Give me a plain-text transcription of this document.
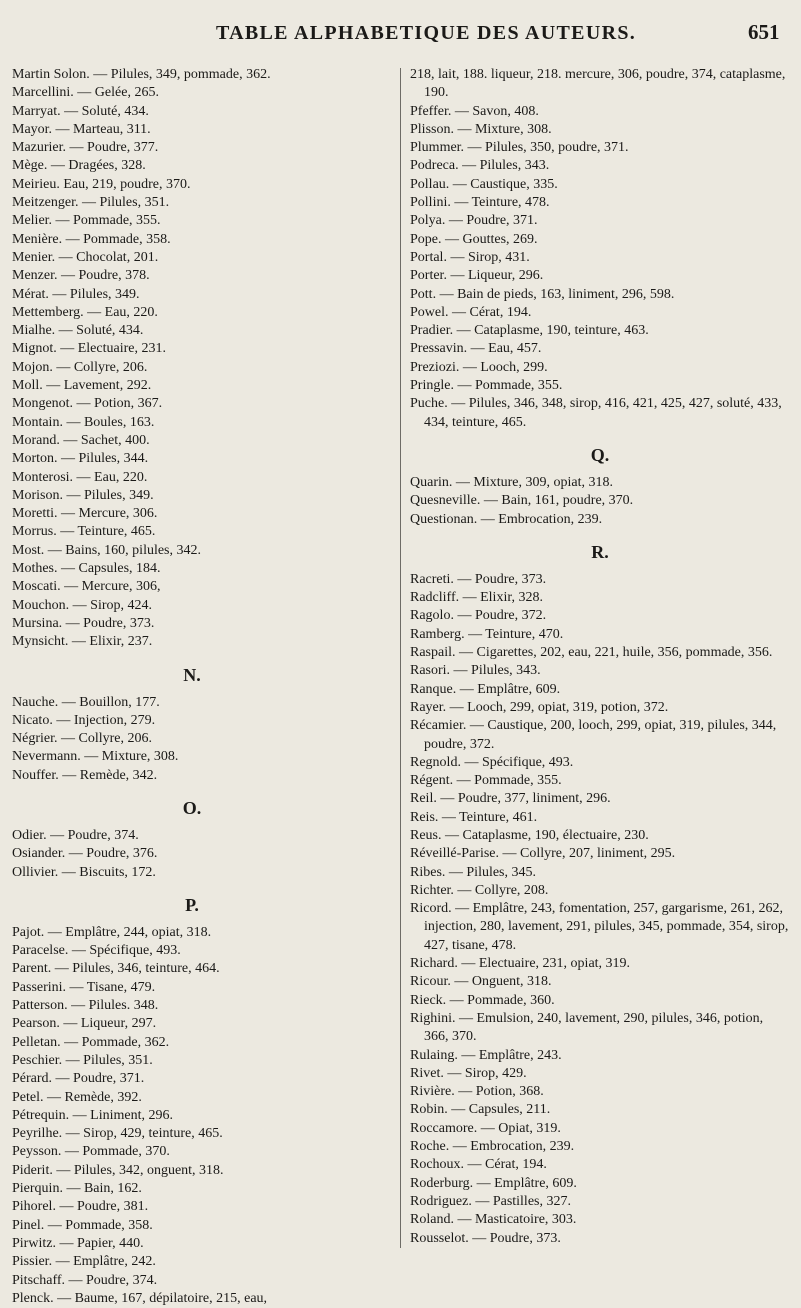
TABLE ALPHABETIQUE DES AUTEURS.	651
Martin Solon. — Pilules, 349, pommade, 362.
Marcellini. — Gelée, 265.
Marryat. — Soluté, 434.
Mayor. — Marteau, 311.
Mazurier. — Poudre, 377.
Mège. — Dragées, 328.
Meirieu. Eau, 219, poudre, 370.
Meitzenger. — Pilules, 351.
Melier. — Pommade, 355.
Menière. — Pommade, 358.
Menier. — Chocolat, 201.
Menzer. — Poudre, 378.
Mérat. — Pilules, 349.
Mettemberg. — Eau, 220.
Mialhe. — Soluté, 434.
Mignot. — Electuaire, 231.
Mojon. — Collyre, 206.
Moll. — Lavement, 292.
Mongenot. — Potion, 367.
Montain. — Boules, 163.
Morand. — Sachet, 400.
Morton. — Pilules, 344.
Monterosi. — Eau, 220.
Morison. — Pilules, 349.
Moretti. — Mercure, 306.
Morrus. — Teinture, 465.
Most. — Bains, 160, pilules, 342.
Mothes. — Capsules, 184.
Moscati. — Mercure, 306,
Mouchon. — Sirop, 424.
Mursina. — Poudre, 373.
Mynsicht. — Elixir, 237.
N.
Nauche. — Bouillon, 177.
Nicato. — Injection, 279.
Négrier. — Collyre, 206.
Nevermann. — Mixture, 308.
Nouffer. — Remède, 342.
O.
Odier. — Poudre, 374.
Osiander. — Poudre, 376.
Ollivier. — Biscuits, 172.
P.
Pajot. — Emplâtre, 244, opiat, 318.
Paracelse. — Spécifique, 493.
Parent. — Pilules, 346, teinture, 464.
Passerini. — Tisane, 479.
Patterson. — Pilules. 348.
Pearson. — Liqueur, 297.
Pelletan. — Pommade, 362.
Peschier. — Pilules, 351.
Pérard. — Poudre, 371.
Petel. — Remède, 392.
Pétrequin. — Liniment, 296.
Peyrilhe. — Sirop, 429, teinture, 465.
Peysson. — Pommade, 370.
Piderit. — Pilules, 342, onguent, 318.
Pierquin. — Bain, 162.
Pihorel. — Poudre, 381.
Pinel. — Pommade, 358.
Pirwitz. — Papier, 440.
Pissier. — Emplâtre, 242.
Pitschaff. — Poudre, 374.
Plenck. — Baume, 167, dépilatoire, 215, eau,
218, lait, 188. liqueur, 218. mercure, 306, poudre, 374, cataplasme, 190.
Pfeffer. — Savon, 408.
Plisson. — Mixture, 308.
Plummer. — Pilules, 350, poudre, 371.
Podreca. — Pilules, 343.
Pollau. — Caustique, 335.
Pollini. — Teinture, 478.
Polya. — Poudre, 371.
Pope. — Gouttes, 269.
Portal. — Sirop, 431.
Porter. — Liqueur, 296.
Pott. — Bain de pieds, 163, liniment, 296, 598.
Powel. — Cérat, 194.
Pradier. — Cataplasme, 190, teinture, 463.
Pressavin. — Eau, 457.
Preziozi. — Looch, 299.
Pringle. — Pommade, 355.
Puche. — Pilules, 346, 348, sirop, 416, 421, 425, 427, soluté, 433, 434, teinture, 465.
Q.
Quarin. — Mixture, 309, opiat, 318.
Quesneville. — Bain, 161, poudre, 370.
Questionan. — Embrocation, 239.
R.
Racreti. — Poudre, 373.
Radcliff. — Elixir, 328.
Ragolo. — Poudre, 372.
Ramberg. — Teinture, 470.
Raspail. — Cigarettes, 202, eau, 221, huile, 356, pommade, 356.
Rasori. — Pilules, 343.
Ranque. — Emplâtre, 609.
Rayer. — Looch, 299, opiat, 319, potion, 372.
Récamier. — Caustique, 200, looch, 299, opiat, 319, pilules, 344, poudre, 372.
Regnold. — Spécifique, 493.
Régent. — Pommade, 355.
Reil. — Poudre, 377, liniment, 296.
Reis. — Teinture, 461.
Reus. — Cataplasme, 190, électuaire, 230.
Réveillé-Parise. — Collyre, 207, liniment, 295.
Ribes. — Pilules, 345.
Richter. — Collyre, 208.
Ricord. — Emplâtre, 243, fomentation, 257, gargarisme, 261, 262, injection, 280, lavement, 291, pilules, 345, pommade, 354, sirop, 427, tisane, 478.
Richard. — Electuaire, 231, opiat, 319.
Ricour. — Onguent, 318.
Rieck. — Pommade, 360.
Righini. — Emulsion, 240, lavement, 290, pilules, 346, potion, 366, 370.
Rulaing. — Emplâtre, 243.
Rivet. — Sirop, 429.
Rivière. — Potion, 368.
Robin. — Capsules, 211.
Roccamore. — Opiat, 319.
Roche. — Embrocation, 239.
Rochoux. — Cérat, 194.
Roderburg. — Emplâtre, 609.
Rodriguez. — Pastilles, 327.
Roland. — Masticatoire, 303.
Rousselot. — Poudre, 373.
